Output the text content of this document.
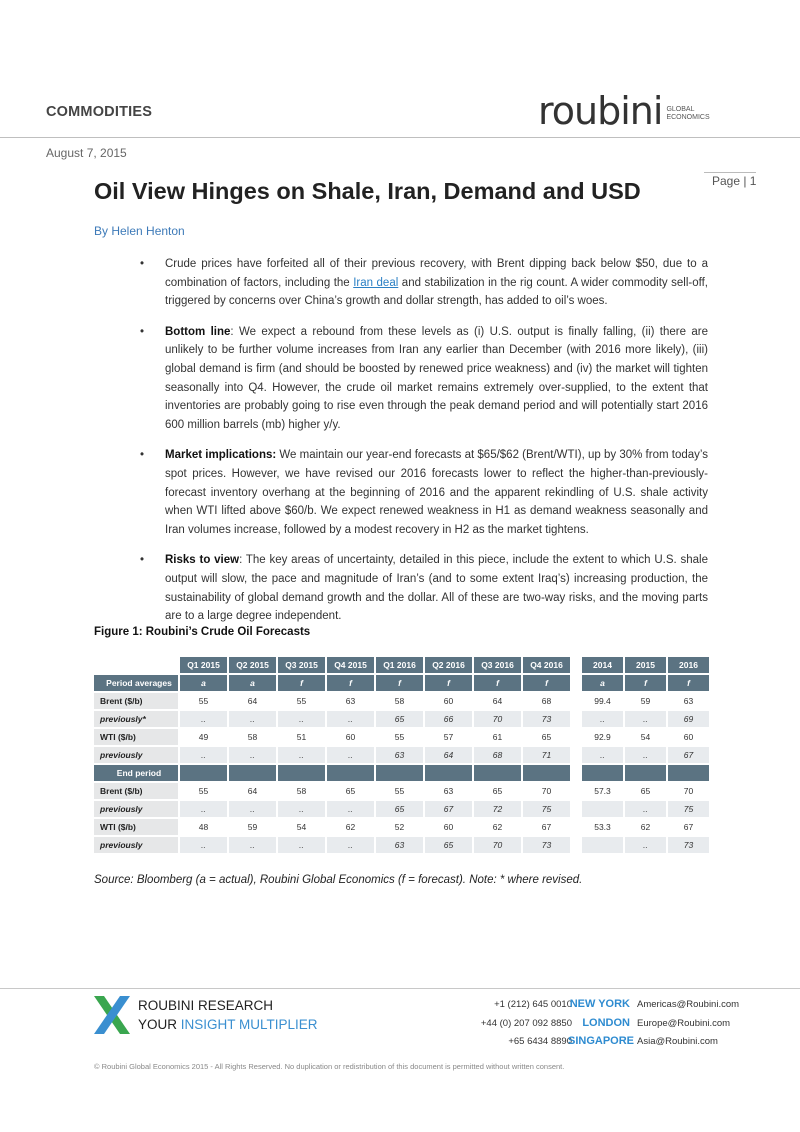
COMMODITIES	roubini GLOBAL
ECONOMICS
August 7, 2015
Page | 1
Oil View Hinges on Shale, Iran, Demand and USD
By Helen Henton
• Crude prices have forfeited all of their previous recovery, with Brent dipping back below $50, due to a combination of factors, including the Iran deal and stabilization in the rig count. A wider commodity sell-off, triggered by concerns over China’s growth and dollar strength, has added to oil’s woes.
• Bottom line: We expect a rebound from these levels as (i) U.S. output is finally falling, (ii) there are unlikely to be further volume increases from Iran any earlier than December (with 2016 more likely), (iii) global demand is firm (and should be boosted by renewed price weakness) and (iv) the market will tighten seasonally into Q4. However, the crude oil market remains extremely over-supplied, to the extent that inventories are probably going to rise even through the peak demand period and will potentially start 2016 600 million barrels (mb) higher y/y.
• Market implications: We maintain our year-end forecasts at $65/$62 (Brent/WTI), up by 30% from today’s spot prices. However, we have revised our 2016 forecasts lower to reflect the higher-than-previously-forecast inventory overhang at the beginning of 2016 and the apparent rekindling of U.S. shale activity when WTI lifted above $60/b. We expect renewed weakness in H1 as demand weakness seasonally and Iran volumes increase, followed by a modest recovery in H2 as the market tightens.
• Risks to view: The key areas of uncertainty, detailed in this piece, include the extent to which U.S. shale output will slow, the pace and magnitude of Iran’s (and to some extent Iraq’s) increasing production, the sustainability of global demand growth and the dollar. All of these are two-way risks, and the moving parts are to a large degree independent.
Figure 1: Roubini’s Crude Oil Forecasts
	Q1 2015	Q2 2015	Q3 2015	Q4 2015	Q1 2016	Q2 2016	Q3 2016	Q4 2016		2014	2015	2016
Period averages	a	a	f	f	f	f	f	f		a	f	f
Brent ($/b)	55	64	55	63	58	60	64	68		99.4	59	63
previously*	..	..	..	..	65	66	70	73		..	..	69
WTI ($/b)	49	58	51	60	55	57	61	65		92.9	54	60
previously	..	..	..	..	63	64	68	71		..	..	67
End period												
Brent ($/b)	55	64	58	65	55	63	65	70		57.3	65	70
previously	..	..	..	..	65	67	72	75			..	75
WTI ($/b)	48	59	54	62	52	60	62	67		53.3	62	67
previously	..	..	..	..	63	65	70	73			..	73
Source: Bloomberg (a = actual), Roubini Global Economics (f = forecast). Note: * where revised.
ROUBINI RESEARCH
YOUR INSIGHT MULTIPLIER
+1 (212) 645 0010
NEW YORK Americas@Roubini.com
+44 (0) 207 092 8850 LONDON Europe@Roubini.com
+65 6434 8890
SINGAPORE Asia@Roubini.com
© Roubini Global Economics 2015 - All Rights Reserved. No duplication or redistribution of this document is permitted without written consent.
